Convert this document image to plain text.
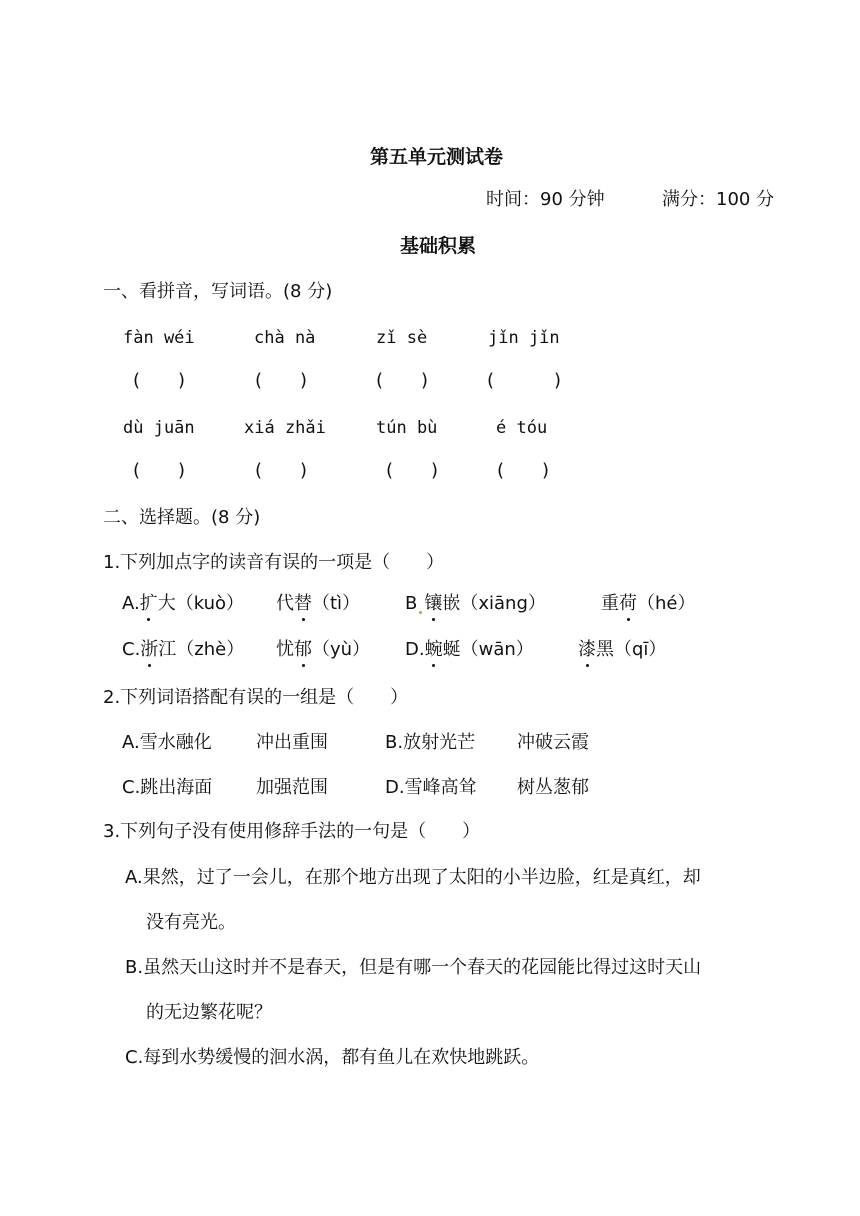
第五单元测试卷
时间：90 分钟	满分：100 分
基础积累
一、看拼音，写词语。(8 分)
fàn wéi	chà nà	zǐ sè	jǐn jǐn
( )	( )	( )	(	)
dù juān	xiá zhǎi	tún bù	é tóu
( )	( )	( )	( )
二、选择题。(8 分)
1.下列加点字的读音有误的一项是（　　）
A.扩大（kuò） 代替（tì） B 镶嵌（xiāng）	重荷（hé）
C.浙江（zhè） 忧郁（yù） D.蜿蜒（wān） 漆黑（qī）
2.下列词语搭配有误的一组是（　　）
A.雪水融化 冲出重围	B.放射光芒 冲破云霞
C.跳出海面 加强范围	D.雪峰高耸 树丛葱郁
3.下列句子没有使用修辞手法的一句是（　　）
A.果然，过了一会儿，在那个地方出现了太阳的小半边脸，红是真红，却
没有亮光。
B.虽然天山这时并不是春天，但是有哪一个春天的花园能比得过这时天山
的无边繁花呢？
C.每到水势缓慢的洄水涡，都有鱼儿在欢快地跳跃。
